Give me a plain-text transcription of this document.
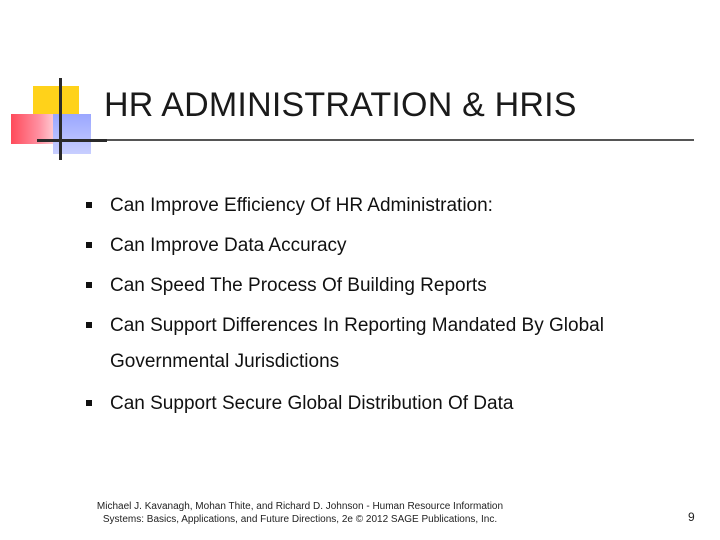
HR ADMINISTRATION & HRIS
Can Improve Efficiency Of HR Administration:
Can Improve Data Accuracy
Can Speed The Process Of Building Reports
Can Support Differences In Reporting Mandated By Global Governmental Jurisdictions
Can Support Secure Global Distribution Of Data
Michael J. Kavanagh, Mohan Thite, and Richard D. Johnson - Human Resource Information
Systems: Basics, Applications, and Future Directions, 2e © 2012 SAGE Publications, Inc.	9
